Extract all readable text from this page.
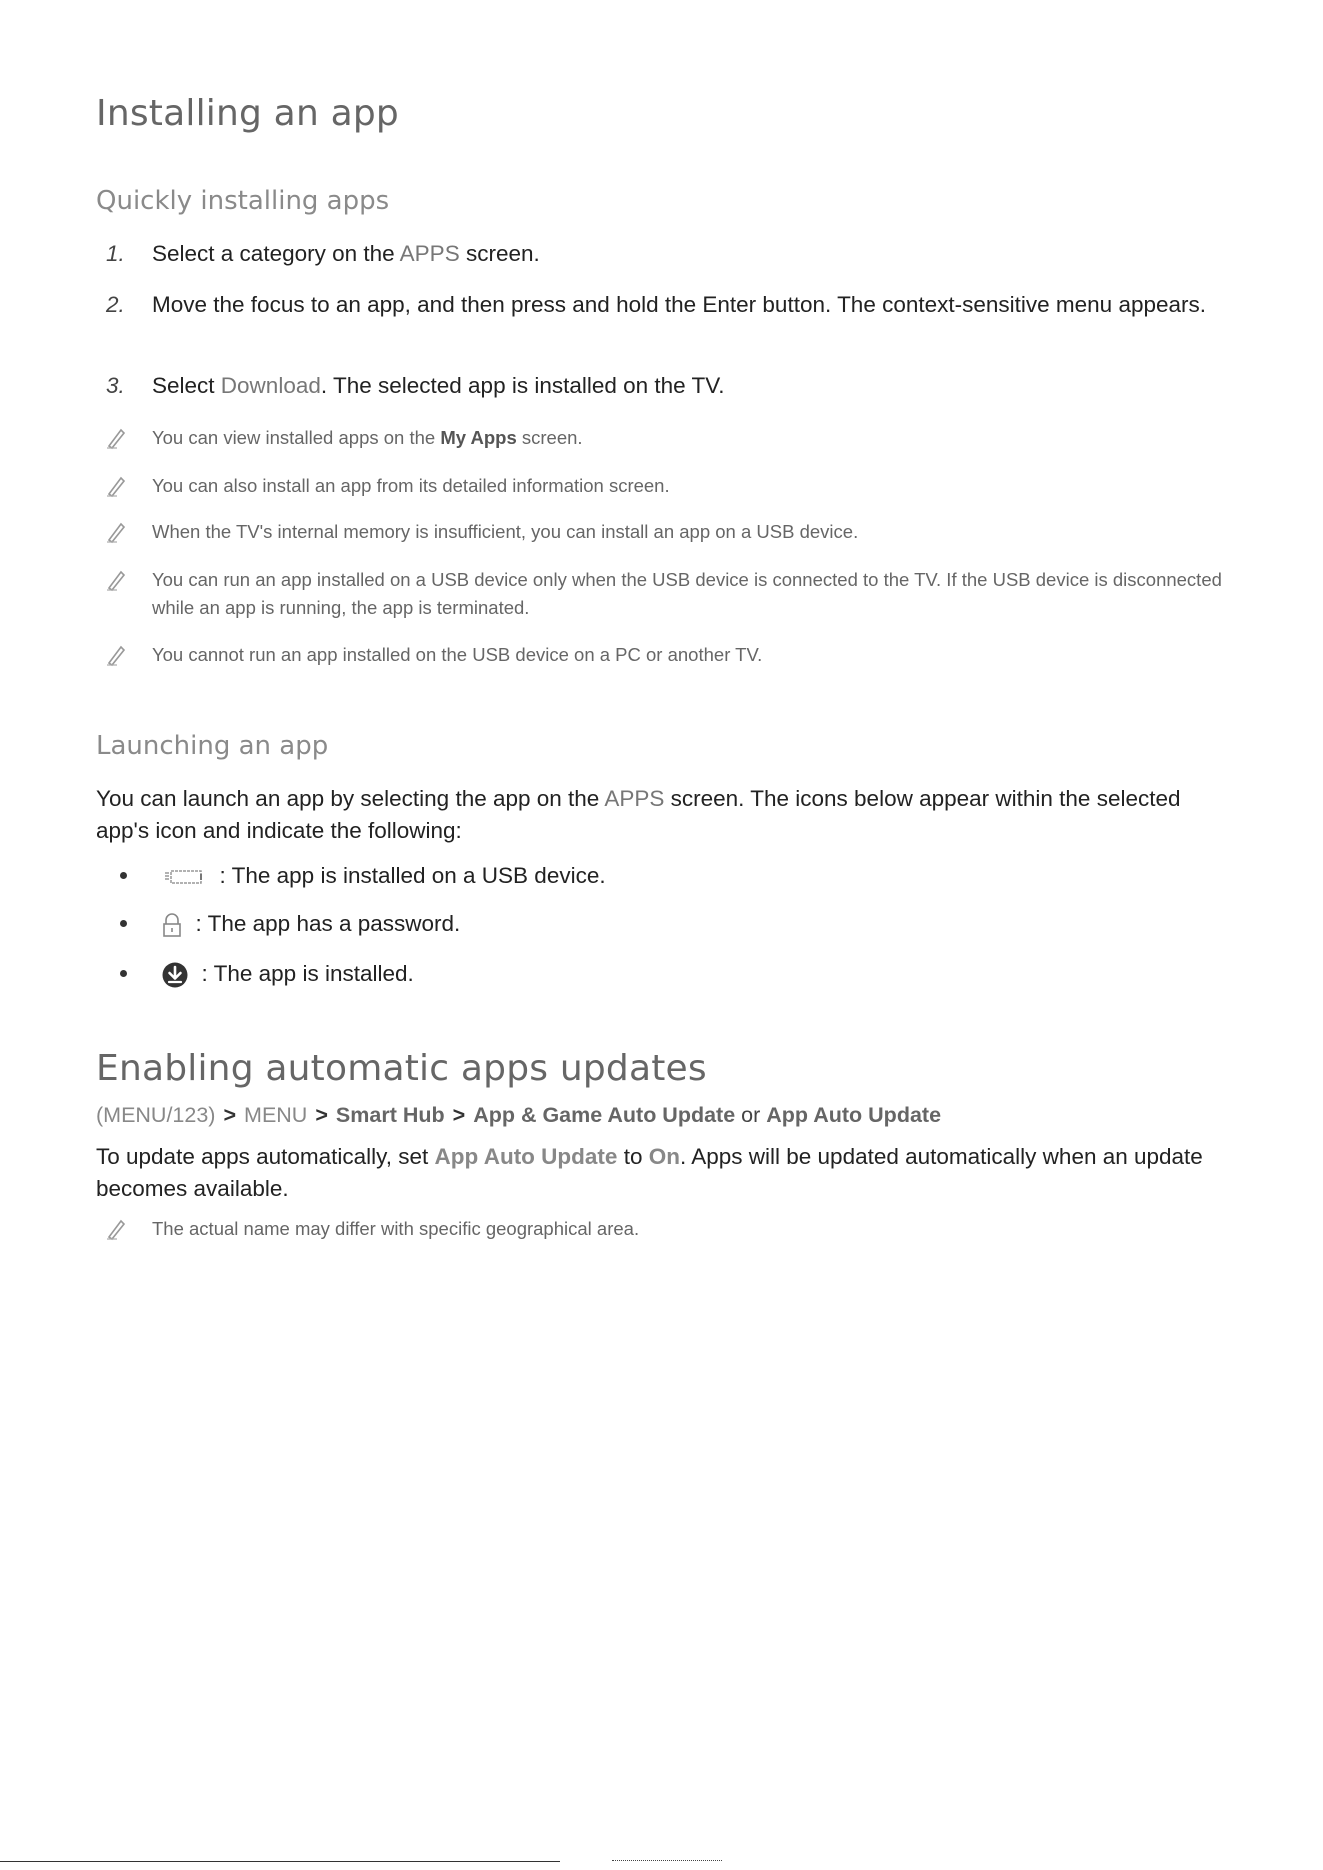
Installing an app
Quickly installing apps
1. Select a category on the APPS screen.
2. Move the focus to an app, and then press and hold the Enter button. The context-sensitive menu appears.
3. Select Download. The selected app is installed on the TV.
You can view installed apps on the My Apps screen.
You can also install an app from its detailed information screen.
When the TV's internal memory is insufficient, you can install an app on a USB device.
You can run an app installed on a USB device only when the USB device is connected to the TV. If the USB device is disconnected while an app is running, the app is terminated.
You cannot run an app installed on the USB device on a PC or another TV.
Launching an app
You can launch an app by selecting the app on the APPS screen. The icons below appear within the selected app's icon and indicate the following:
: The app is installed on a USB device.
: The app has a password.
: The app is installed.
Enabling automatic apps updates
(MENU/123) > MENU > Smart Hub > App & Game Auto Update or App Auto Update
To update apps automatically, set App Auto Update to On. Apps will be updated automatically when an update becomes available.
The actual name may differ with specific geographical area.
